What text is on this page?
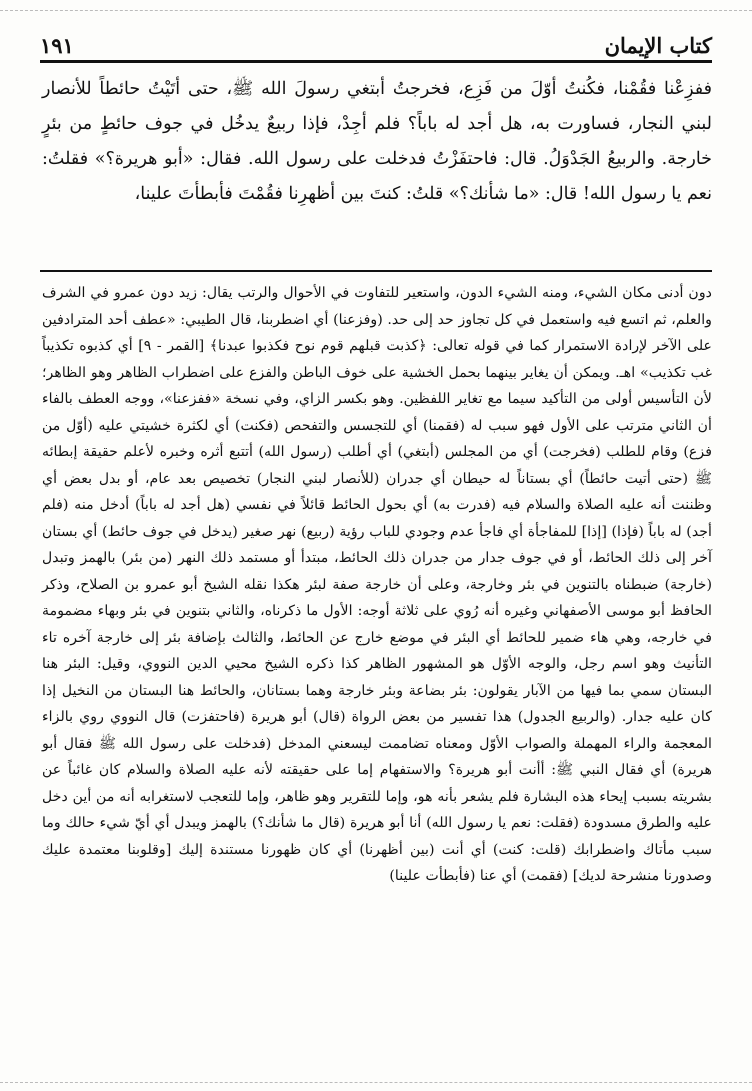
كتاب الإيمان
١٩١

ففزِعْنا فقُمْنا، فكُنتُ أوّلَ من فَزِع، فخرجتُ أبتغي رسولَ الله ﷺ، حتى أتَيْتُ حائطاً للأنصار لبني النجار، فساورت به، هل أجد له باباً؟ فلم أجِدْ، فإذا ربيعٌ يدخُل في جوف حائطٍ من بئرٍ خارجة. والربيعُ الجَدْوَلُ. قال: فاحتفَزْتُ فدخلت على رسول الله. فقال: «أبو هريرة؟» فقلتُ: نعم يا رسول الله! قال: «ما شأنك؟» قلتُ: كنتَ بين أظهرِنا فقُمْتَ فأبطأتَ علينا،

دون أدنى مكان الشيء، ومنه الشيء الدون، واستعير للتفاوت في الأحوال والرتب يقال: زيد دون عمرو في الشرف والعلم، ثم اتسع فيه واستعمل في كل تجاوز حد إلى حد. (وفزعنا) أي اضطربنا، قال الطيبي: «عطف أحد المترادفين على الآخر لإرادة الاستمرار كما في قوله تعالى: ﴿كذبت قبلهم قوم نوح فكذبوا عبدنا﴾ [القمر - ٩] أي كذبوه تكذيباً غب تكذيب» اهـ. ويمكن أن يغاير بينهما بحمل الخشية على خوف الباطن والفزع على اضطراب الظاهر وهو الظاهر؛ لأن التأسيس أولى من التأكيد سيما مع تغاير اللفظين. وهو بكسر الزاي، وفي نسخة «ففزعنا»، ووجه العطف بالفاء أن الثاني مترتب على الأول فهو سبب له (فقمنا) أي للتجسس والتفحص (فكنت) أي لكثرة خشيتي عليه (أوّل من فزع) وقام للطلب (فخرجت) أي من المجلس (أبتغي) أي أطلب (رسول الله) أتتبع أثره وخبره لأعلم حقيقة إبطائه ﷺ (حتى أتيت حائطاً) أي بستاناً له حيطان أي جدران (للأنصار لبني النجار) تخصيص بعد عام، أو بدل بعض أي وظننت أنه عليه الصلاة والسلام فيه (فدرت به) أي بحول الحائط قائلاً في نفسي (هل أجد له باباً) أدخل منه (فلم أجد) له باباً (فإذا) [إذا] للمفاجأة أي فاجأ عدم وجودي للباب رؤية (ربيع) نهر صغير (يدخل في جوف حائط) أي بستان آخر إلى ذلك الحائط، أو في جوف جدار من جدران ذلك الحائط، مبتدأ أو مستمد ذلك النهر (من بئر) بالهمز وتبدل (خارجة) ضبطناه بالتنوين في بئر وخارجة، وعلى أن خارجة صفة لبئر هكذا نقله الشيخ أبو عمرو بن الصلاح، وذكر الحافظ أبو موسى الأصفهاني وغيره أنه رُوي على ثلاثة أوجه: الأول ما ذكرناه، والثاني بتنوين في بئر وبهاء مضمومة في خارجه، وهي هاء ضمير للحائط أي البئر في موضع خارج عن الحائط، والثالث بإضافة بئر إلى خارجة آخره تاء التأنيث وهو اسم رجل، والوجه الأوّل هو المشهور الظاهر كذا ذكره الشيخ محيي الدين النووي، وقيل: البئر هنا البستان سمي بما فيها من الآبار يقولون: بئر بضاعة وبئر خارجة وهما بستانان، والحائط هنا البستان من النخيل إذا كان عليه جدار. (والربيع الجدول) هذا تفسير من بعض الرواة (قال) أبو هريرة (فاحتفزت) قال النووي روي بالزاء المعجمة والراء المهملة والصواب الأوّل ومعناه تضاممت ليسعني المدخل (فدخلت على رسول الله ﷺ فقال أبو هريرة) أي فقال النبي ﷺ: أأنت أبو هريرة؟ والاستفهام إما على حقيقته لأنه عليه الصلاة والسلام كان غائباً عن بشريته بسبب إيحاء هذه البشارة فلم يشعر بأنه هو، وإما للتقرير وهو ظاهر، وإما للتعجب لاستغرابه أنه من أين دخل عليه والطرق مسدودة (فقلت: نعم يا رسول الله) أنا أبو هريرة (قال ما شأنك؟) بالهمز ويبدل أي أيّ شيء حالك وما سبب مأتاك واضطرابك (قلت: كنت) أي أنت (بين أظهرنا) أي كان ظهورنا مستندة إليك [وقلوبنا معتمدة عليك وصدورنا منشرحة لديك] (فقمت) أي عنا (فأبطأت علينا)
